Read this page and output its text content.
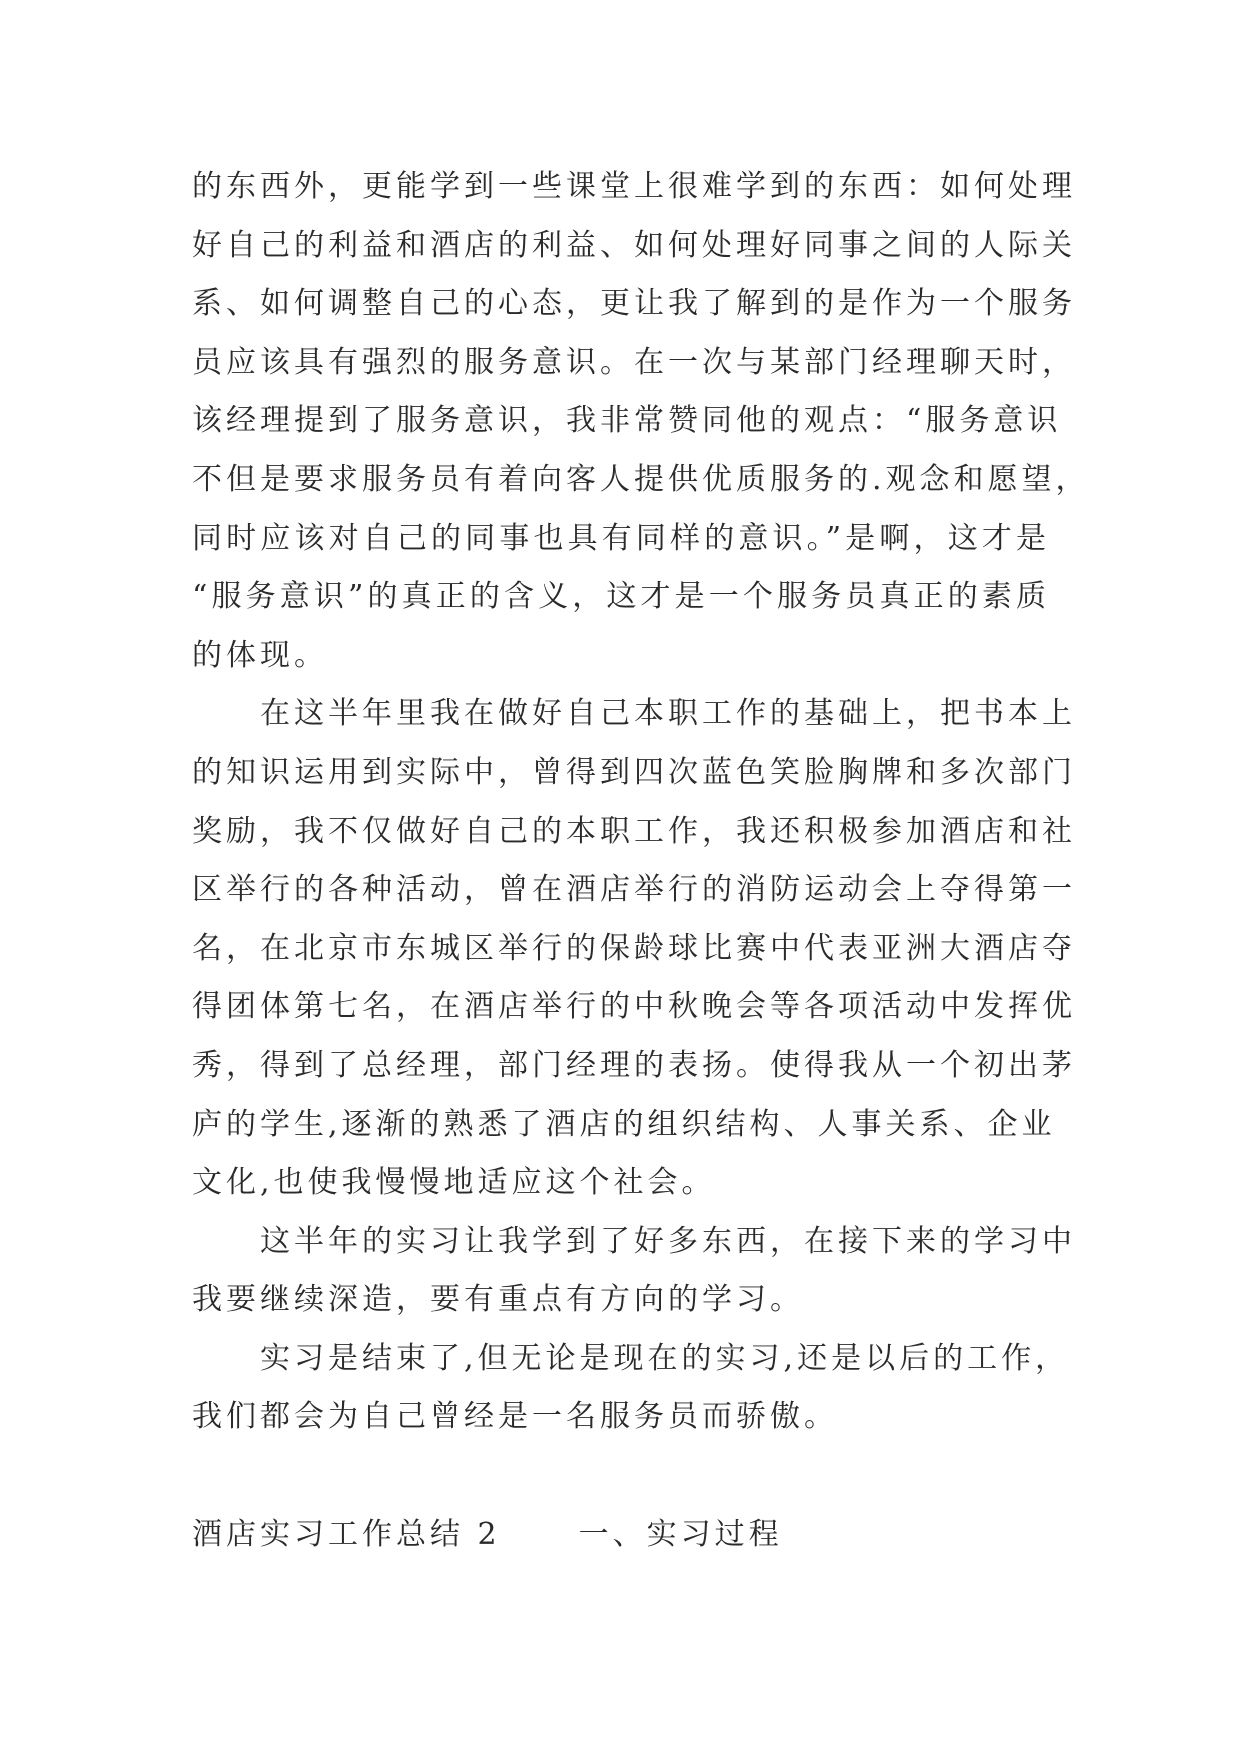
的东西外，更能学到一些课堂上很难学到的东西：如何处理
好自己的利益和酒店的利益、如何处理好同事之间的人际关
系、如何调整自己的心态，更让我了解到的是作为一个服务
员应该具有强烈的服务意识。在一次与某部门经理聊天时，
该经理提到了服务意识，我非常赞同他的观点：“服务意识
不但是要求服务员有着向客人提供优质服务的.观念和愿望，
同时应该对自己的同事也具有同样的意识。”是啊，这才是
“服务意识”的真正的含义，这才是一个服务员真正的素质
的体现。
在这半年里我在做好自己本职工作的基础上，把书本上
的知识运用到实际中，曾得到四次蓝色笑脸胸牌和多次部门
奖励，我不仅做好自己的本职工作，我还积极参加酒店和社
区举行的各种活动，曾在酒店举行的消防运动会上夺得第一
名，在北京市东城区举行的保龄球比赛中代表亚洲大酒店夺
得团体第七名，在酒店举行的中秋晚会等各项活动中发挥优
秀，得到了总经理，部门经理的表扬。使得我从一个初出茅
庐的学生,逐渐的熟悉了酒店的组织结构、人事关系、企业
文化,也使我慢慢地适应这个社会。
这半年的实习让我学到了好多东西，在接下来的学习中
我要继续深造，要有重点有方向的学习。
实习是结束了,但无论是现在的实习,还是以后的工作，
我们都会为自己曾经是一名服务员而骄傲。
酒店实习工作总结 2	一、实习过程
